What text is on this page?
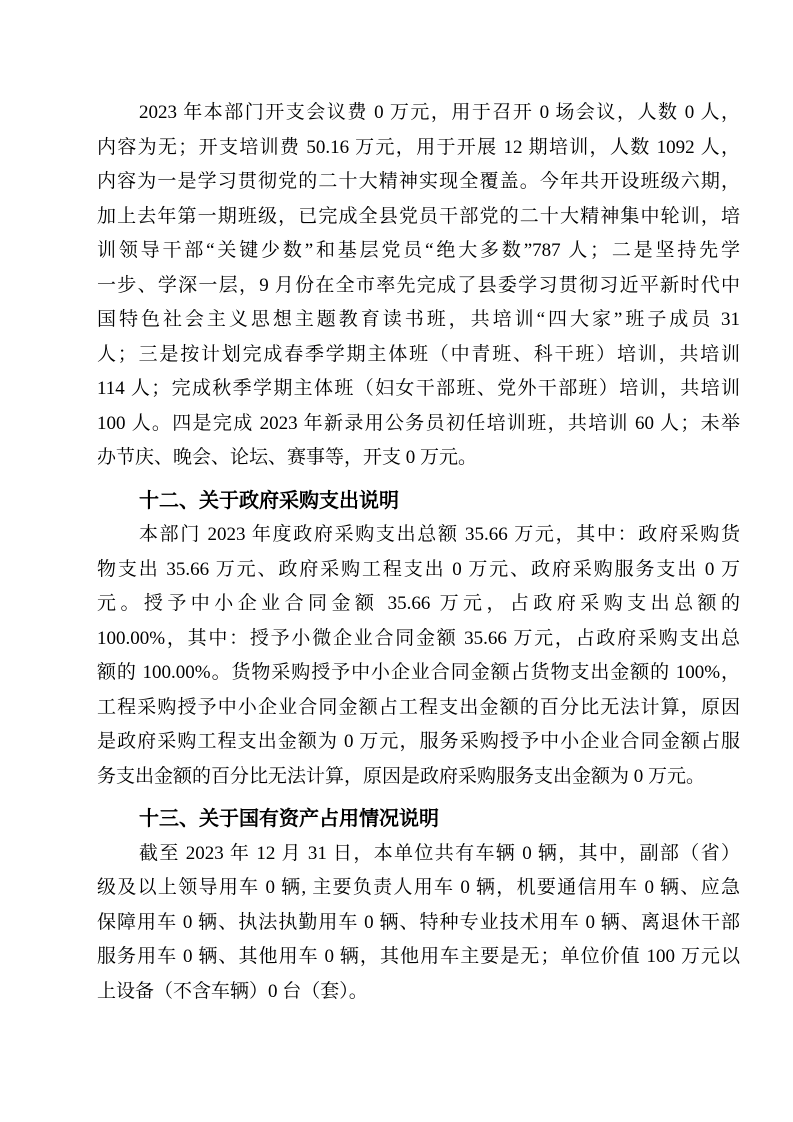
2023 年本部门开支会议费 0 万元，用于召开 0 场会议，人数 0 人，
内容为无；开支培训费 50.16 万元，用于开展 12 期培训，人数 1092 人，
内容为一是学习贯彻党的二十大精神实现全覆盖。今年共开设班级六期，
加上去年第一期班级，已完成全县党员干部党的二十大精神集中轮训，培
训领导干部“关键少数”和基层党员“绝大多数”787 人；二是坚持先学
一步、学深一层，9 月份在全市率先完成了县委学习贯彻习近平新时代中
国特色社会主义思想主题教育读书班，共培训“四大家”班子成员 31
人；三是按计划完成春季学期主体班（中青班、科干班）培训，共培训
114 人；完成秋季学期主体班（妇女干部班、党外干部班）培训，共培训
100 人。四是完成 2023 年新录用公务员初任培训班，共培训 60 人；未举
办节庆、晚会、论坛、赛事等，开支 0 万元。
十二、关于政府采购支出说明
本部门 2023 年度政府采购支出总额 35.66 万元，其中：政府采购货
物支出 35.66 万元、政府采购工程支出 0 万元、政府采购服务支出 0 万
元。授予中小企业合同金额 35.66 万元，占政府采购支出总额的
100.00%，其中：授予小微企业合同金额 35.66 万元，占政府采购支出总
额的 100.00%。货物采购授予中小企业合同金额占货物支出金额的 100%，
工程采购授予中小企业合同金额占工程支出金额的百分比无法计算，原因
是政府采购工程支出金额为 0 万元，服务采购授予中小企业合同金额占服
务支出金额的百分比无法计算，原因是政府采购服务支出金额为 0 万元。
十三、关于国有资产占用情况说明
截至 2023 年 12 月 31 日，本单位共有车辆 0 辆，其中，副部（省）
级及以上领导用车 0 辆, 主要负责人用车 0 辆，机要通信用车 0 辆、应急
保障用车 0 辆、执法执勤用车 0 辆、特种专业技术用车 0 辆、离退休干部
服务用车 0 辆、其他用车 0 辆，其他用车主要是无；单位价值 100 万元以
上设备（不含车辆）0 台（套）。
